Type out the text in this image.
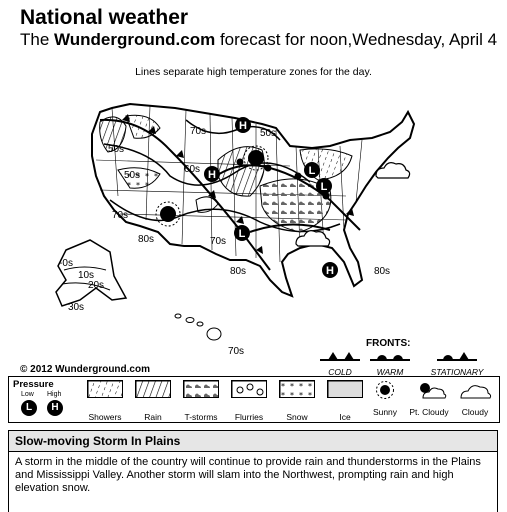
National weather
The Wunderground.com forecast for noon,Wednesday, April 4
Lines separate high temperature zones for the day.
50s
50s
70s
60s
50s
70s
80s	70s
80s	80s
70s
-0s
10s
20s
30s
H
H
L
L
L
H
© 2012 Wunderground.com
FRONTS:
COLD	WARM	STATIONARY
Pressure
Low High
L	H
Showers	Rain	T-storms	Flurries	Snow	Ice	Sunny	Pt. Cloudy	Cloudy
Slow-moving Storm In Plains
A storm in the middle of the country will continue to provide rain and thunderstorms in the Plains and Mississippi Valley. Another storm will slam into the Northwest, prompting rain and high elevation snow.
